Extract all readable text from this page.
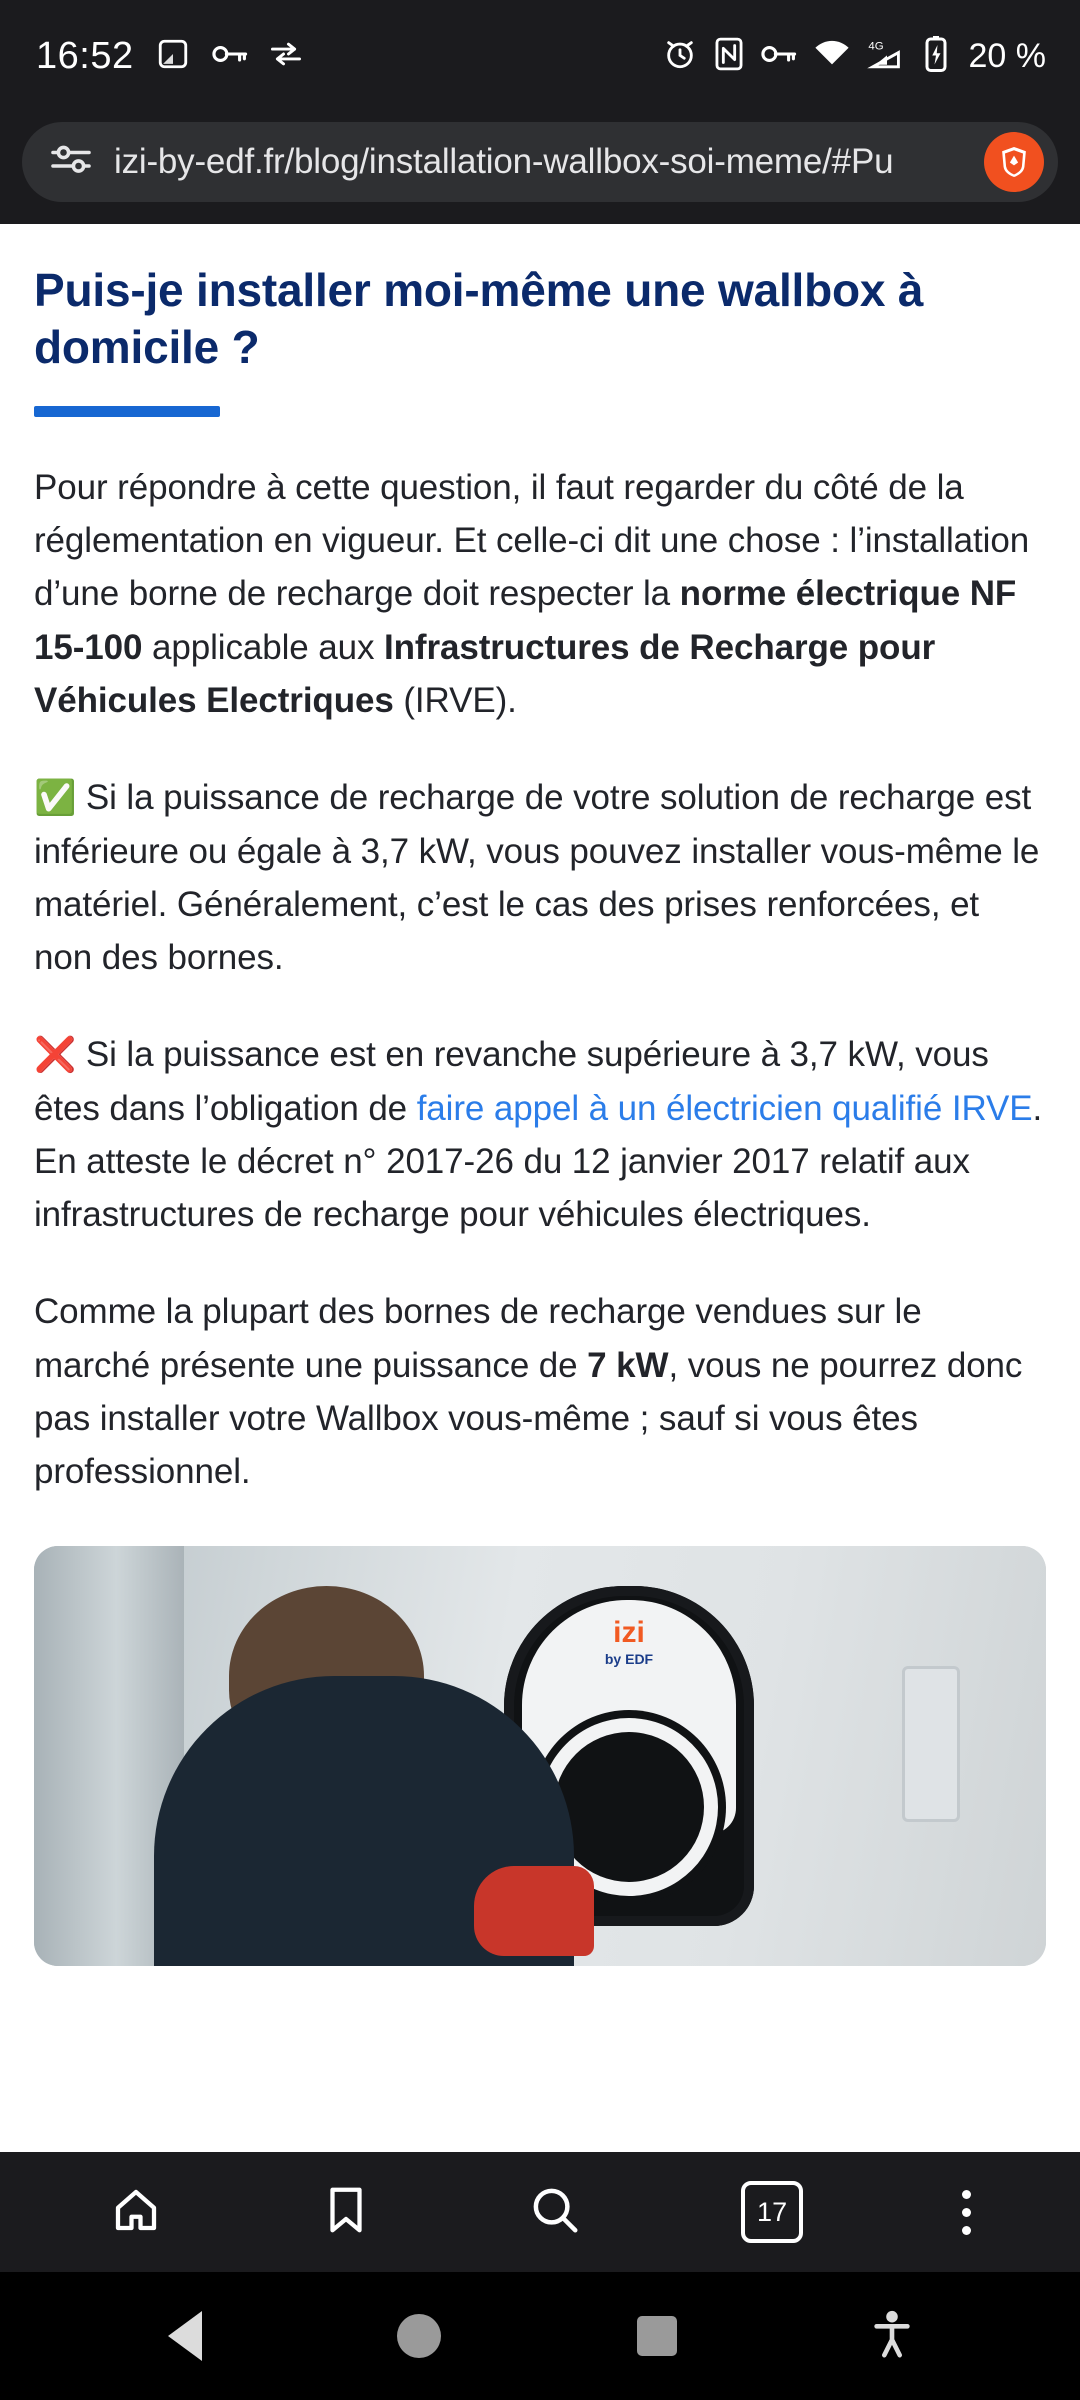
16:52	4G	20 %
izi-by-edf.fr/blog/installation-wallbox-soi-meme/#Pu
Puis-je installer moi-même une wallbox à domicile ?

Pour répondre à cette question, il faut regarder du côté de la réglementation en vigueur. Et celle-ci dit une chose : l’installation d’une borne de recharge doit respecter la norme électrique NF 15-100 applicable aux Infrastructures de Recharge pour Véhicules Electriques (IRVE).

✅ Si la puissance de recharge de votre solution de recharge est inférieure ou égale à 3,7 kW, vous pouvez installer vous-même le matériel. Généralement, c’est le cas des prises renforcées, et non des bornes.

❌ Si la puissance est en revanche supérieure à 3,7 kW, vous êtes dans l’obligation de faire appel à un électricien qualifié IRVE. En atteste le décret n° 2017-26 du 12 janvier 2017 relatif aux infrastructures de recharge pour véhicules électriques.

Comme la plupart des bornes de recharge vendues sur le marché présente une puissance de 7 kW, vous ne pourrez donc pas installer votre Wallbox vous-même ; sauf si vous êtes professionnel.

izi
by EDF
17
